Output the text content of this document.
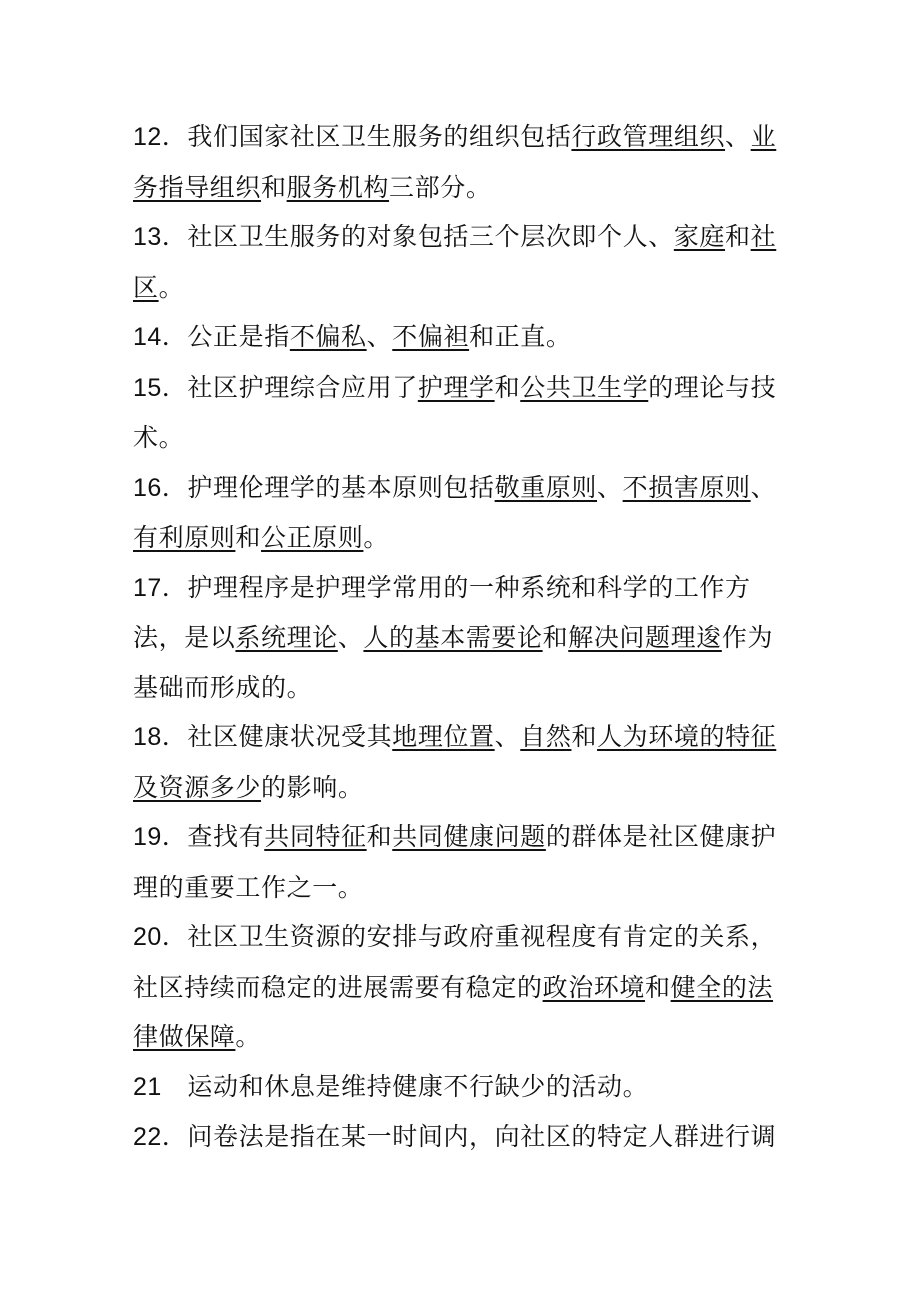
12．我们国家社区卫生服务的组织包括行政管理组织、业务指导组织和服务机构三部分。

13．社区卫生服务的对象包括三个层次即个人、家庭和社区。

14．公正是指不偏私、不偏袒和正直。

15．社区护理综合应用了护理学和公共卫生学的理论与技术。

16．护理伦理学的基本原则包括敬重原则、不损害原则、有利原则和公正原则。

17．护理程序是护理学常用的一种系统和科学的工作方法，是以系统理论、人的基本需要论和解决问题理逡作为基础而形成的。

18．社区健康状况受其地理位置、自然和人为环境的特征及资源多少的影响。

19．查找有共同特征和共同健康问题的群体是社区健康护理的重要工作之一。

20．社区卫生资源的安排与政府重视程度有肯定的关系，社区持续而稳定的进展需要有稳定的政治环境和健全的法律做保障。

21　 运动和休息是维持健康不行缺少的活动。

22．问卷法是指在某一时间内，向社区的特定人群进行调
